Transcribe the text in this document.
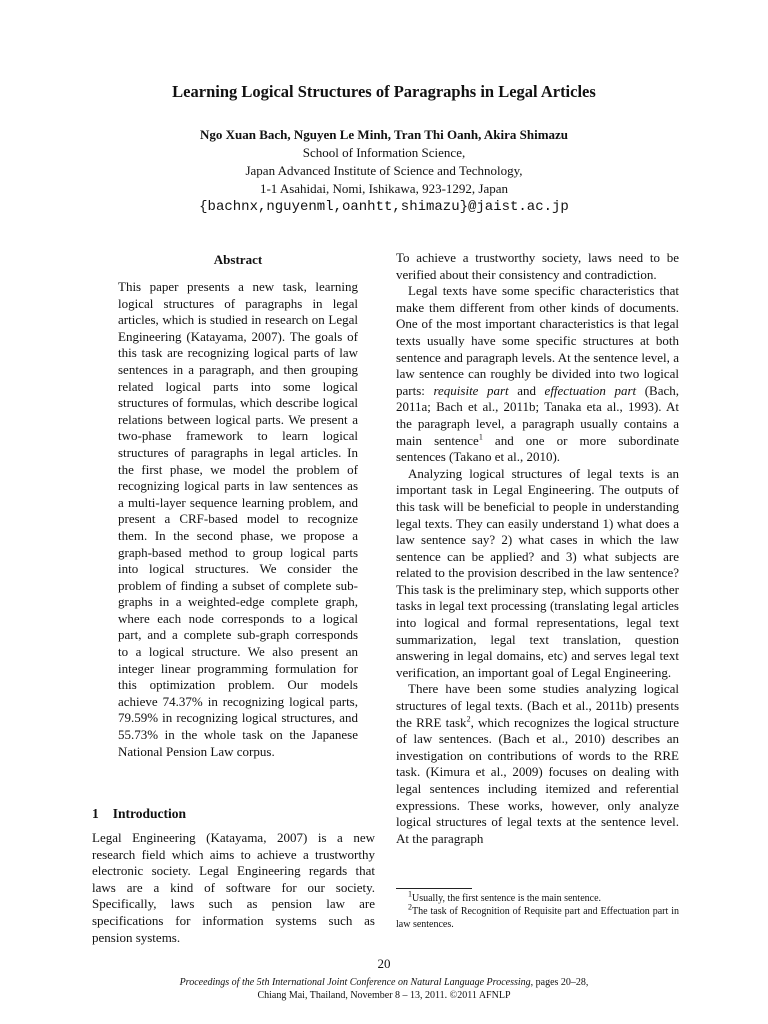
Learning Logical Structures of Paragraphs in Legal Articles
Ngo Xuan Bach, Nguyen Le Minh, Tran Thi Oanh, Akira Shimazu
School of Information Science,
Japan Advanced Institute of Science and Technology,
1-1 Asahidai, Nomi, Ishikawa, 923-1292, Japan
{bachnx,nguyenml,oanhtt,shimazu}@jaist.ac.jp
Abstract

This paper presents a new task, learning logical structures of paragraphs in legal articles, which is studied in research on Legal Engineering (Katayama, 2007). The goals of this task are recognizing logical parts of law sentences in a paragraph, and then grouping related logical parts into some logical structures of formulas, which describe logical relations between logical parts. We present a two-phase framework to learn logical structures of paragraphs in legal articles. In the first phase, we model the problem of recognizing logical parts in law sentences as a multi-layer sequence learning problem, and present a CRF-based model to recognize them. In the second phase, we propose a graph-based method to group logical parts into logical structures. We consider the problem of finding a subset of complete sub-graphs in a weighted-edge complete graph, where each node corresponds to a logical part, and a complete sub-graph corresponds to a logical structure. We also present an integer linear programming formulation for this optimization problem. Our models achieve 74.37% in recognizing logical parts, 79.59% in recognizing logical structures, and 55.73% in the whole task on the Japanese National Pension Law corpus.

1 Introduction

Legal Engineering (Katayama, 2007) is a new research field which aims to achieve a trustworthy electronic society. Legal Engineering regards that laws are a kind of software for our society. Specifically, laws such as pension law are specifications for information systems such as pension systems.

To achieve a trustworthy society, laws need to be verified about their consistency and contradiction.

Legal texts have some specific characteristics that make them different from other kinds of documents. One of the most important characteristics is that legal texts usually have some specific structures at both sentence and paragraph levels. At the sentence level, a law sentence can roughly be divided into two logical parts: requisite part and effectuation part (Bach, 2011a; Bach et al., 2011b; Tanaka eta al., 1993). At the paragraph level, a paragraph usually contains a main sentence$^1$ and one or more subordinate sentences (Takano et al., 2010).

Analyzing logical structures of legal texts is an important task in Legal Engineering. The outputs of this task will be beneficial to people in understanding legal texts. They can easily understand 1) what does a law sentence say? 2) what cases in which the law sentence can be applied? and 3) what subjects are related to the provision described in the law sentence? This task is the preliminary step, which supports other tasks in legal text processing (translating legal articles into logical and formal representations, legal text summarization, legal text translation, question answering in legal domains, etc) and serves legal text verification, an important goal of Legal Engineering.

There have been some studies analyzing logical structures of legal texts. (Bach et al., 2011b) presents the RRE task$^2$, which recognizes the logical structure of law sentences. (Bach et al., 2010) describes an investigation on contributions of words to the RRE task. (Kimura et al., 2009) focuses on dealing with legal sentences including itemized and referential expressions. These works, however, only analyze logical structures of legal texts at the sentence level. At the paragraph

$^1$Usually, the first sentence is the main sentence.

$^2$The task of Recognition of Requisite part and Effectuation part in law sentences.

20
Proceedings of the 5th International Joint Conference on Natural Language Processing, pages 20–28,
Chiang Mai, Thailand, November 8 – 13, 2011. ©2011 AFNLP
